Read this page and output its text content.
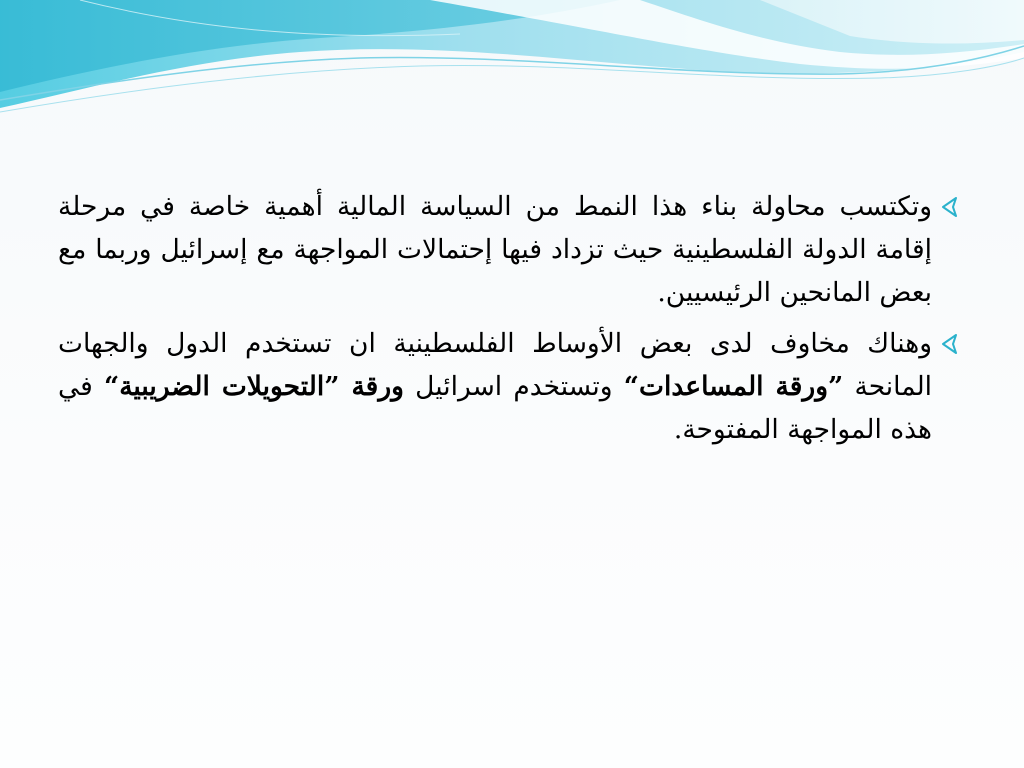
وتكتسب محاولة بناء هذا النمط من السياسة المالية أهمية خاصة في مرحلة إقامة الدولة الفلسطينية حيث تزداد فيها إحتمالات المواجهة مع إسرائيل وربما مع بعض المانحين الرئيسيين.
وهناك مخاوف لدى بعض الأوساط الفلسطينية ان تستخدم الدول والجهات المانحة ”ورقة المساعدات“ وتستخدم اسرائيل ورقة ”التحويلات الضريبية“ في هذه المواجهة المفتوحة.
